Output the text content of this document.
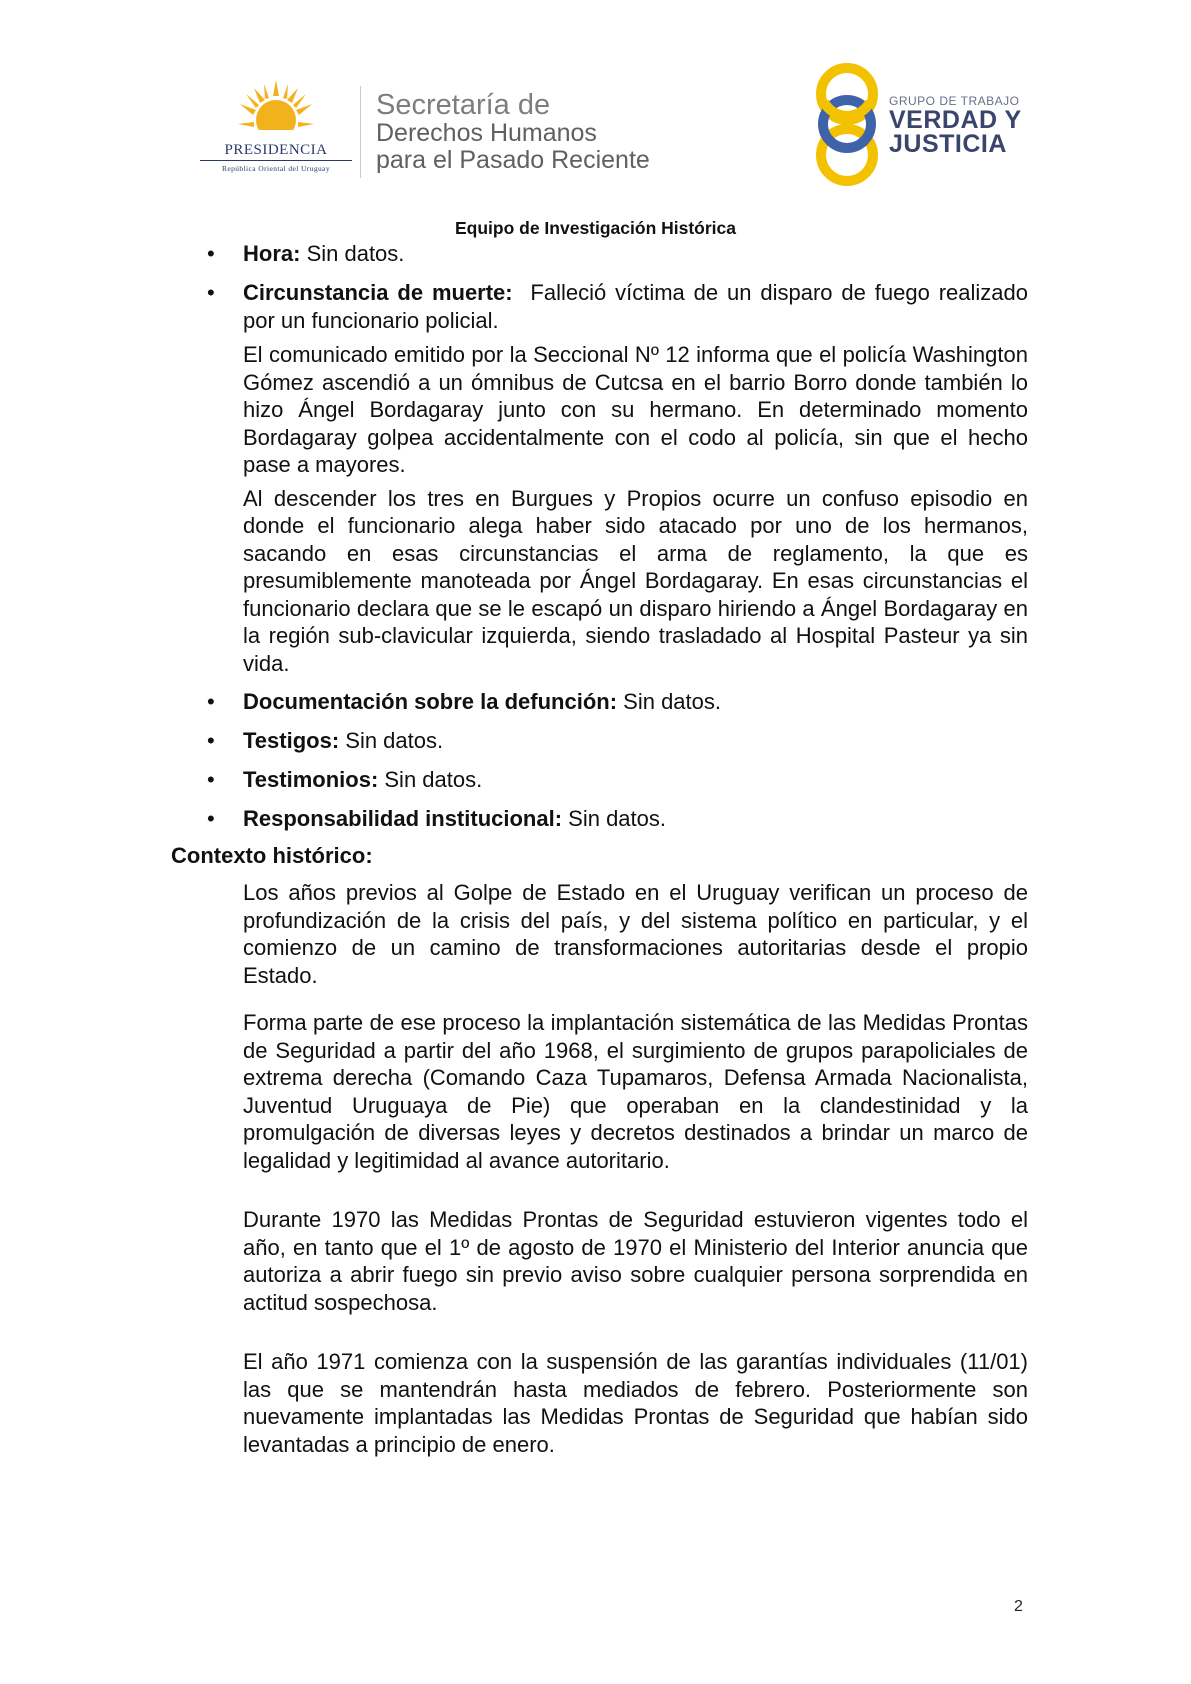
PRESIDENCIA
República Oriental del Uruguay
Secretaría de
Derechos Humanos
para el Pasado Reciente
GRUPO DE TRABAJO
VERDAD Y
JUSTICIA
Equipo de Investigación Histórica
• Hora: Sin datos.
• Circunstancia de muerte:  Falleció víctima de un disparo de fuego realizado por un funcionario policial.

El comunicado emitido por la Seccional Nº 12 informa que el policía Washington Gómez ascendió a un ómnibus de Cutcsa en el barrio Borro donde también lo hizo Ángel Bordagaray junto con su hermano. En determinado momento Bordagaray golpea accidentalmente con el codo al policía, sin que el hecho pase a mayores.

Al descender los tres en Burgues y Propios ocurre un confuso episodio en donde el funcionario alega haber sido atacado por uno de los hermanos, sacando en esas circunstancias el arma de reglamento, la que es presumiblemente manoteada por Ángel Bordagaray. En esas circunstancias el funcionario declara que se le escapó un disparo hiriendo a Ángel Bordagaray en la región sub-clavicular izquierda, siendo trasladado al Hospital Pasteur ya sin vida.

• Documentación sobre la defunción: Sin datos.
• Testigos: Sin datos.
• Testimonios: Sin datos.
• Responsabilidad institucional: Sin datos.
Contexto histórico:

Los años previos al Golpe de Estado en el Uruguay verifican un proceso de profundización de la crisis del país, y del sistema político en particular, y el comienzo de un camino de transformaciones autoritarias desde el propio Estado.

Forma parte de ese proceso la implantación sistemática de las Medidas Prontas de Seguridad a partir del año 1968, el surgimiento de grupos parapoliciales de extrema derecha (Comando Caza Tupamaros, Defensa Armada Nacionalista, Juventud Uruguaya de Pie) que operaban en la clandestinidad y la promulgación de diversas leyes y decretos destinados a brindar un marco de legalidad y legitimidad al avance autoritario.

Durante 1970 las Medidas Prontas de Seguridad estuvieron vigentes todo el año, en tanto que el 1º de agosto de 1970 el Ministerio del Interior anuncia que autoriza a abrir fuego sin previo aviso sobre cualquier persona sorprendida en actitud sospechosa.

El año 1971 comienza con la suspensión de las garantías individuales (11/01) las que se mantendrán hasta mediados de febrero. Posteriormente son nuevamente implantadas las Medidas Prontas de Seguridad que habían sido levantadas a principio de enero.

2
